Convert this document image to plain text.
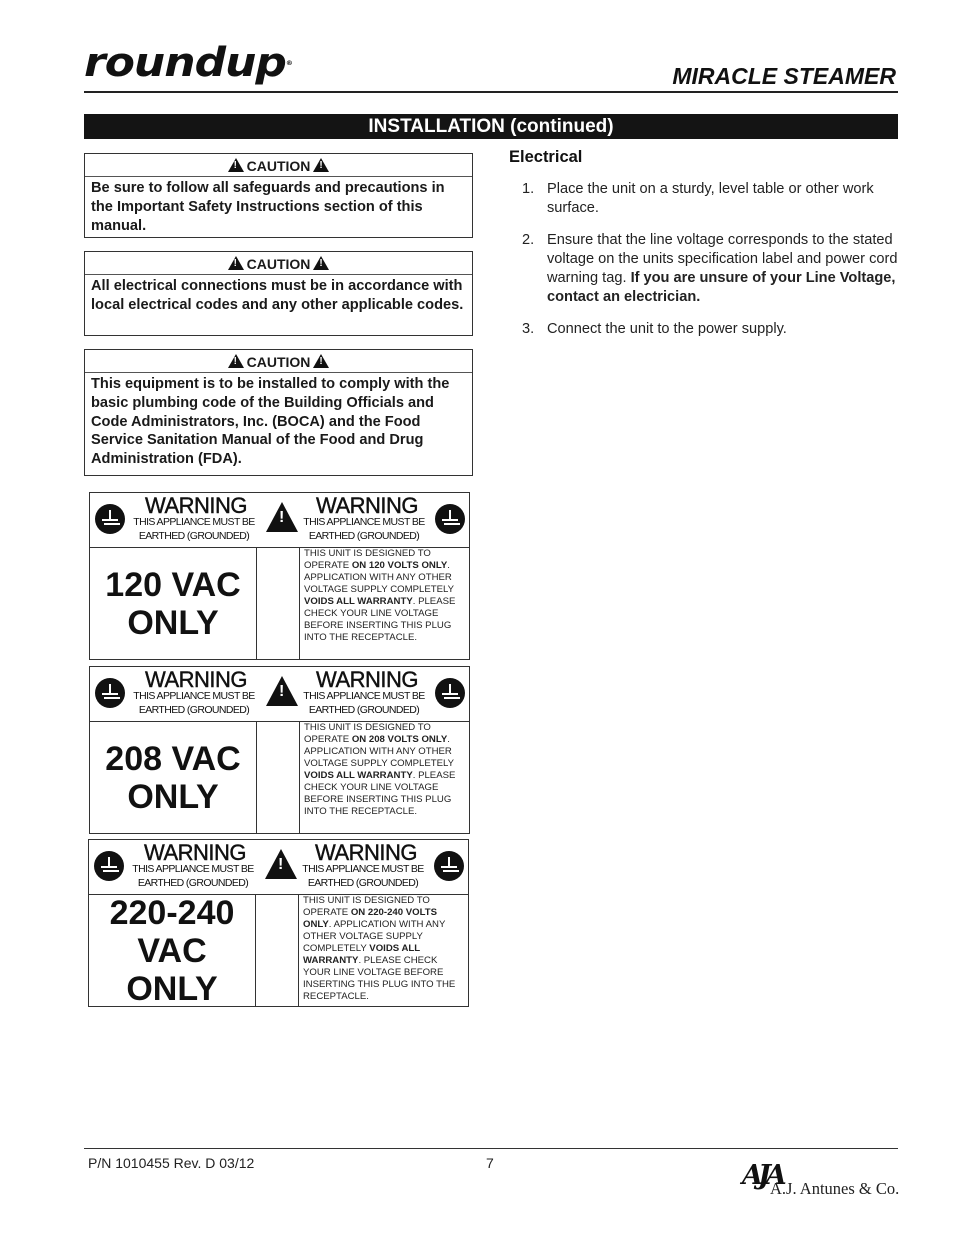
roundup®	MIRACLE STEAMER
INSTALLATION (continued)
!CAUTION!
Be sure to follow all safeguards and precautions in the Important Safety Instructions section of this manual.
!CAUTION!
All electrical connections must be in accordance with local electrical codes and any other applicable codes.
!CAUTION!
This equipment is to be installed to comply with the basic plumbing code of the Building Officials and Code Administrators, Inc. (BOCA) and the Food Service Sanitation Manual of the Food and Drug Administration (FDA).
WARNING
THIS APPLIANCE MUST BE
EARTHED (GROUNDED)
! WARNING
THIS APPLIANCE MUST BE
EARTHED (GROUNDED)
120 VAC
ONLY
THIS UNIT IS DESIGNED TO OPERATE ON 120 VOLTS ONLY. APPLICATION WITH ANY OTHER VOLTAGE SUPPLY COMPLETELY VOIDS ALL WARRANTY. PLEASE CHECK YOUR LINE VOLTAGE BEFORE INSERTING THIS PLUG INTO THE RECEPTACLE.
WARNING
THIS APPLIANCE MUST BE
EARTHED (GROUNDED)
! WARNING
THIS APPLIANCE MUST BE
EARTHED (GROUNDED)
208 VAC
ONLY
THIS UNIT IS DESIGNED TO OPERATE ON 208 VOLTS ONLY. APPLICATION WITH ANY OTHER VOLTAGE SUPPLY COMPLETELY VOIDS ALL WARRANTY. PLEASE CHECK YOUR LINE VOLTAGE BEFORE INSERTING THIS PLUG INTO THE RECEPTACLE.
WARNING
THIS APPLIANCE MUST BE
EARTHED (GROUNDED)
! WARNING
THIS APPLIANCE MUST BE
EARTHED (GROUNDED)
220-240
VAC ONLY
THIS UNIT IS DESIGNED TO OPERATE ON 220-240 VOLTS ONLY. APPLICATION WITH ANY OTHER VOLTAGE SUPPLY COMPLETELY VOIDS ALL WARRANTY. PLEASE CHECK YOUR LINE VOLTAGE BEFORE INSERTING THIS PLUG INTO THE RECEPTACLE.
Electrical
1. Place the unit on a sturdy, level table or other work surface.
2. Ensure that the line voltage corresponds to the stated voltage on the units specification label and power cord warning tag. If you are unsure of your Line Voltage, contact an electrician.
3. Connect the unit to the power supply.
P/N 1010455 Rev. D 03/12	7	AJA
A.J. Antunes & Co.
